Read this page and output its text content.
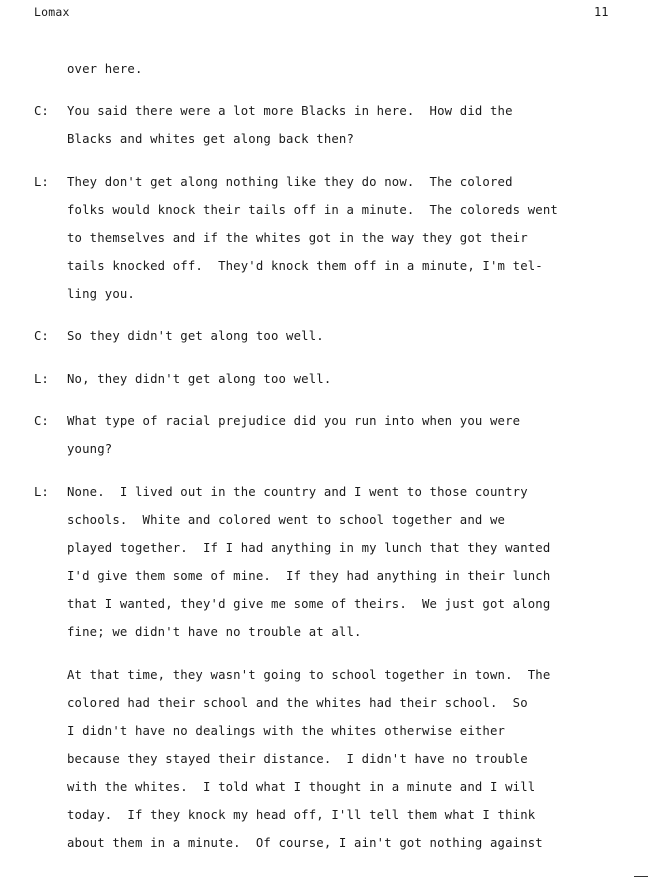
Lomax	11
over here.
C: You said there were a lot more Blacks in here.  How did the
Blacks and whites get along back then?
L: They don't get along nothing like they do now.  The colored
folks would knock their tails off in a minute.  The coloreds went
to themselves and if the whites got in the way they got their
tails knocked off.  They'd knock them off in a minute, I'm tel-
ling you.
C: So they didn't get along too well.
L: No, they didn't get along too well.
C: What type of racial prejudice did you run into when you were
young?
L: None.  I lived out in the country and I went to those country
schools.  White and colored went to school together and we
played together.  If I had anything in my lunch that they wanted
I'd give them some of mine.  If they had anything in their lunch
that I wanted, they'd give me some of theirs.  We just got along
fine; we didn't have no trouble at all.
At that time, they wasn't going to school together in town.  The
colored had their school and the whites had their school.  So
I didn't have no dealings with the whites otherwise either
because they stayed their distance.  I didn't have no trouble
with the whites.  I told what I thought in a minute and I will
today.  If they knock my head off, I'll tell them what I think
about them in a minute.  Of course, I ain't got nothing against
